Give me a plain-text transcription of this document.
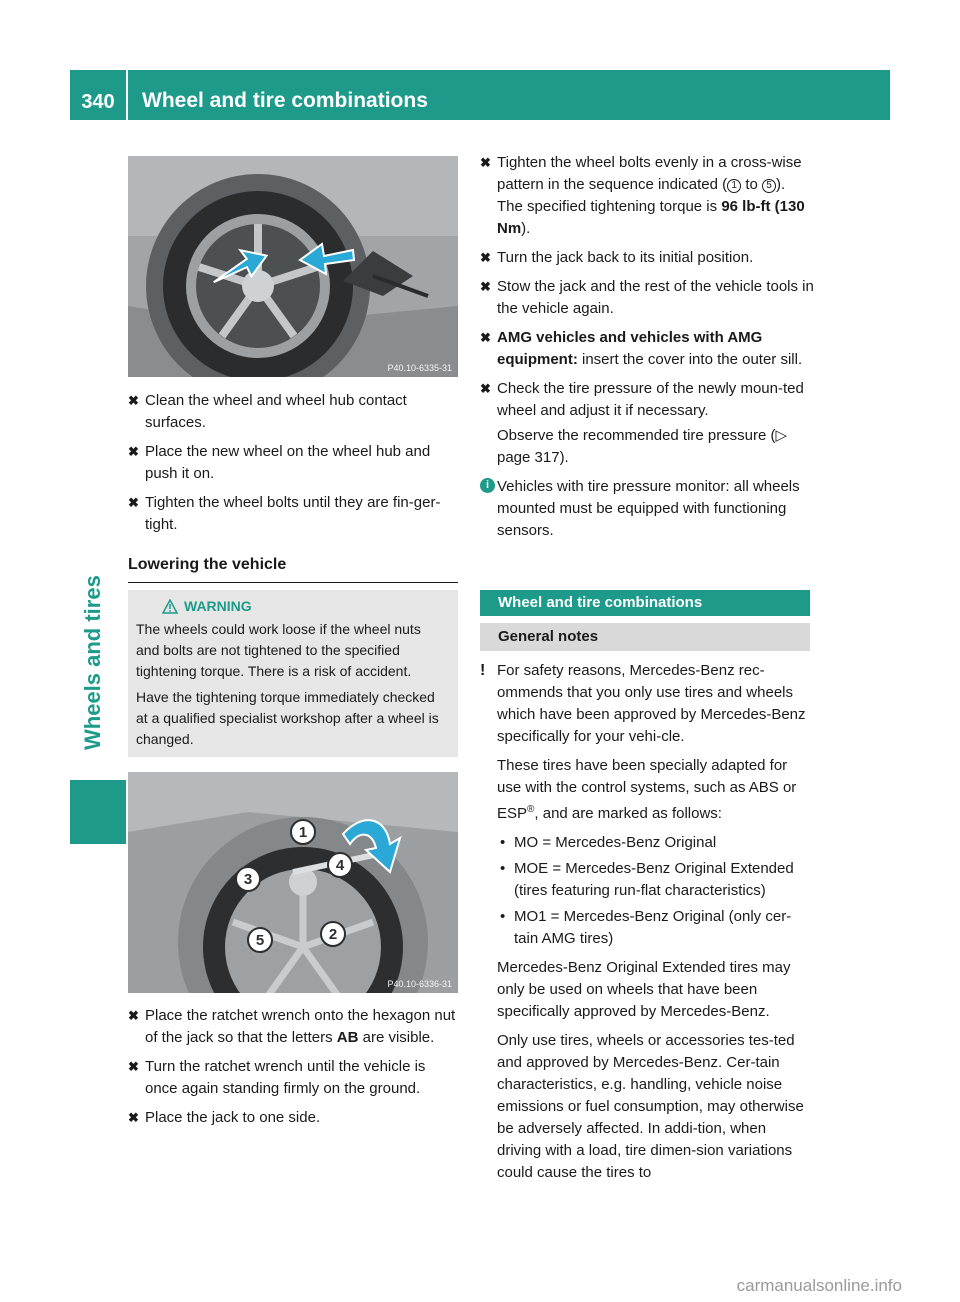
340	Wheel and tire combinations
Wheels and tires
P40.10-6335-31
✖ Clean the wheel and wheel hub contact surfaces.
✖ Place the new wheel on the wheel hub and push it on.
✖ Tighten the wheel bolts until they are fin-ger-tight.
Lowering the vehicle
WARNING
The wheels could work loose if the wheel nuts and bolts are not tightened to the specified tightening torque. There is a risk of accident.
Have the tightening torque immediately checked at a qualified specialist workshop after a wheel is changed.
1
2
3
4
5
P40.10-6336-31
✖ Place the ratchet wrench onto the hexagon nut of the jack so that the letters AB are visible.
✖ Turn the ratchet wrench until the vehicle is once again standing firmly on the ground.
✖ Place the jack to one side.
✖ Tighten the wheel bolts evenly in a cross-wise pattern in the sequence indicated ( 1 to 5 ). The specified tightening torque is 96 lb-ft (130 Nm).
✖ Turn the jack back to its initial position.
✖ Stow the jack and the rest of the vehicle tools in the vehicle again.
✖ AMG vehicles and vehicles with AMG equipment: insert the cover into the outer sill.
✖ Check the tire pressure of the newly moun-ted wheel and adjust it if necessary.
Observe the recommended tire pressure (▷ page 317).
i Vehicles with tire pressure monitor: all wheels mounted must be equipped with functioning sensors.
Wheel and tire combinations
General notes
! For safety reasons, Mercedes-Benz rec-ommends that you only use tires and wheels which have been approved by Mercedes-Benz specifically for your vehi-cle.
These tires have been specially adapted for use with the control systems, such as ABS or ESP®, and are marked as follows:
• MO = Mercedes-Benz Original
• MOE = Mercedes-Benz Original Extended (tires featuring run-flat characteristics)
• MO1 = Mercedes-Benz Original (only cer-tain AMG tires)
Mercedes-Benz Original Extended tires may only be used on wheels that have been specifically approved by Mercedes-Benz.
Only use tires, wheels or accessories tes-ted and approved by Mercedes-Benz. Cer-tain characteristics, e.g. handling, vehicle noise emissions or fuel consumption, may otherwise be adversely affected. In addi-tion, when driving with a load, tire dimen-sion variations could cause the tires to
carmanualsonline.info
